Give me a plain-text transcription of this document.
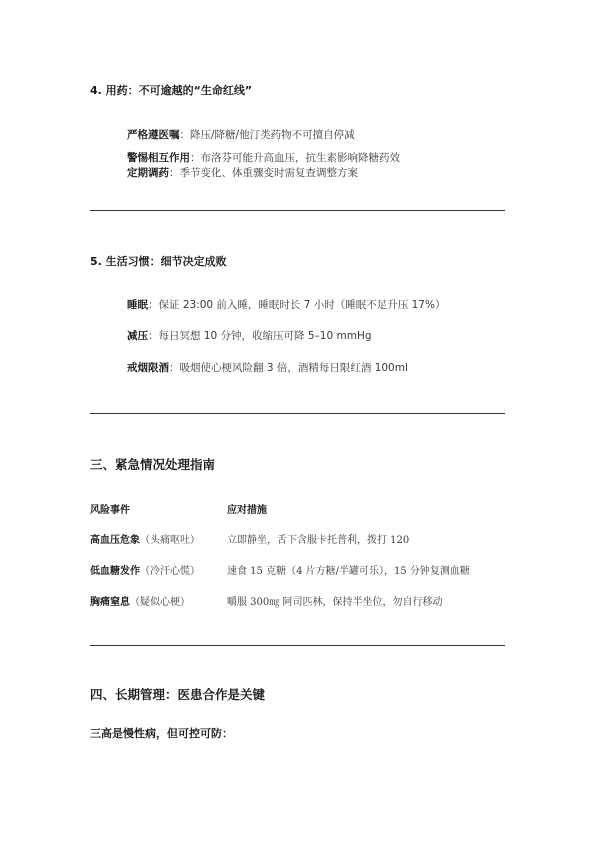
4. 用药：不可逾越的“生命红线”
严格遵医嘱：降压/降糖/他汀类药物不可擅自停减
警惕相互作用：布洛芬可能升高血压，抗生素影响降糖药效
定期调药：季节变化、体重骤变时需复查调整方案
5. 生活习惯：细节决定成败
睡眠：保证 23:00 前入睡，睡眠时长 7 小时（睡眠不足升压 17%）
减压：每日冥想 10 分钟，收缩压可降 5–10 mmHg
戒烟限酒：吸烟使心梗风险翻 3 倍，酒精每日限红酒 100ml
三、紧急情况处理指南
风险事件	应对措施
高血压危象（头痛呕吐）	立即静坐，舌下含服卡托普利，拨打 120
低血糖发作（冷汗心慌）	速食 15 克糖（4 片方糖/半罐可乐），15 分钟复测血糖
胸痛窒息（疑似心梗）	嚼服 300㎎ 阿司匹林，保持半坐位，勿自行移动
四、长期管理：医患合作是关键
三高是慢性病，但可控可防：
